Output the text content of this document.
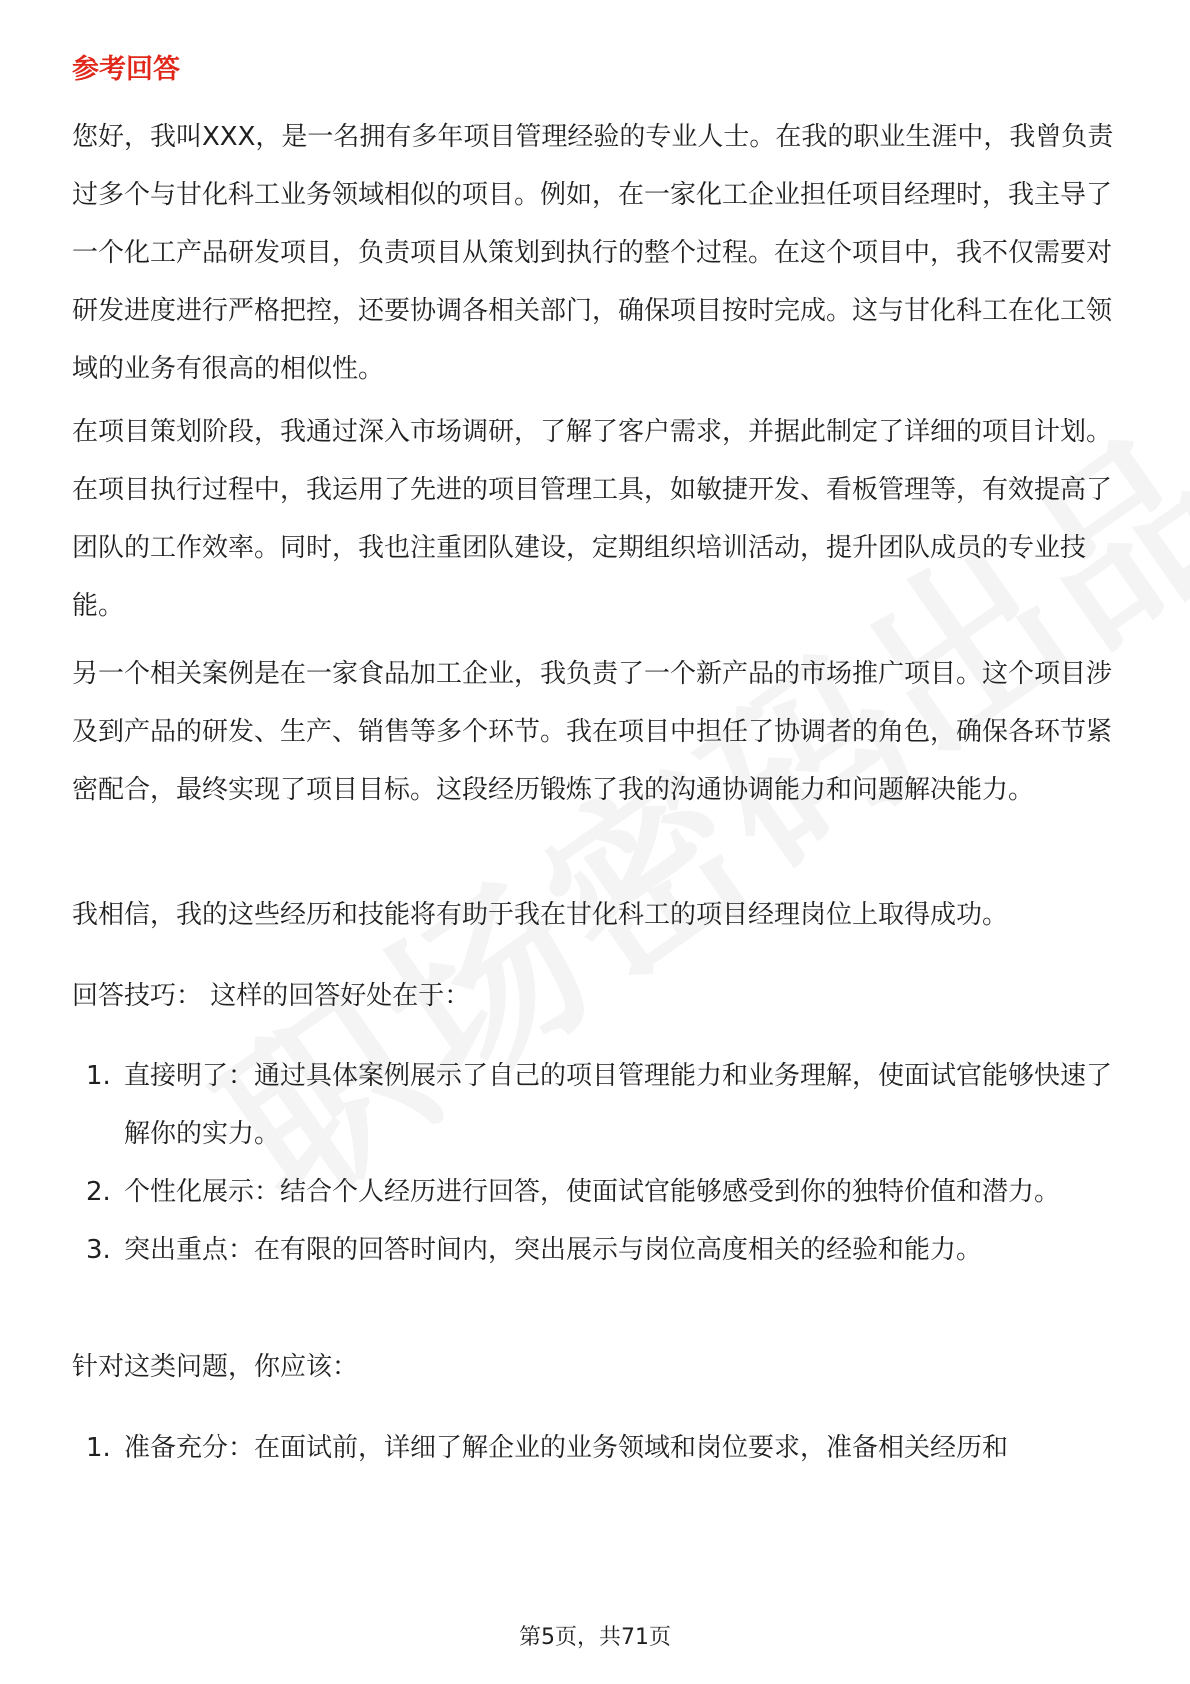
参考回答

您好，我叫XXX，是一名拥有多年项目管理经验的专业人士。在我的职业生涯中，我曾负责过多个与甘化科工业务领域相似的项目。例如，在一家化工企业担任项目经理时，我主导了一个化工产品研发项目，负责项目从策划到执行的整个过程。在这个项目中，我不仅需要对研发进度进行严格把控，还要协调各相关部门，确保项目按时完成。这与甘化科工在化工领域的业务有很高的相似性。

在项目策划阶段，我通过深入市场调研，了解了客户需求，并据此制定了详细的项目计划。在项目执行过程中，我运用了先进的项目管理工具，如敏捷开发、看板管理等，有效提高了团队的工作效率。同时，我也注重团队建设，定期组织培训活动，提升团队成员的专业技能。

另一个相关案例是在一家食品加工企业，我负责了一个新产品的市场推广项目。这个项目涉及到产品的研发、生产、销售等多个环节。我在项目中担任了协调者的角色，确保各环节紧密配合，最终实现了项目目标。这段经历锻炼了我的沟通协调能力和问题解决能力。

我相信，我的这些经历和技能将有助于我在甘化科工的项目经理岗位上取得成功。

回答技巧： 这样的回答好处在于：

1. 直接明了：通过具体案例展示了自己的项目管理能力和业务理解，使面试官能够快速了解你的实力。
2. 个性化展示：结合个人经历进行回答，使面试官能够感受到你的独特价值和潜力。
3. 突出重点：在有限的回答时间内，突出展示与岗位高度相关的经验和能力。

针对这类问题，你应该：

1. 准备充分：在面试前，详细了解企业的业务领域和岗位要求，准备相关经历和
第5页，共71页
